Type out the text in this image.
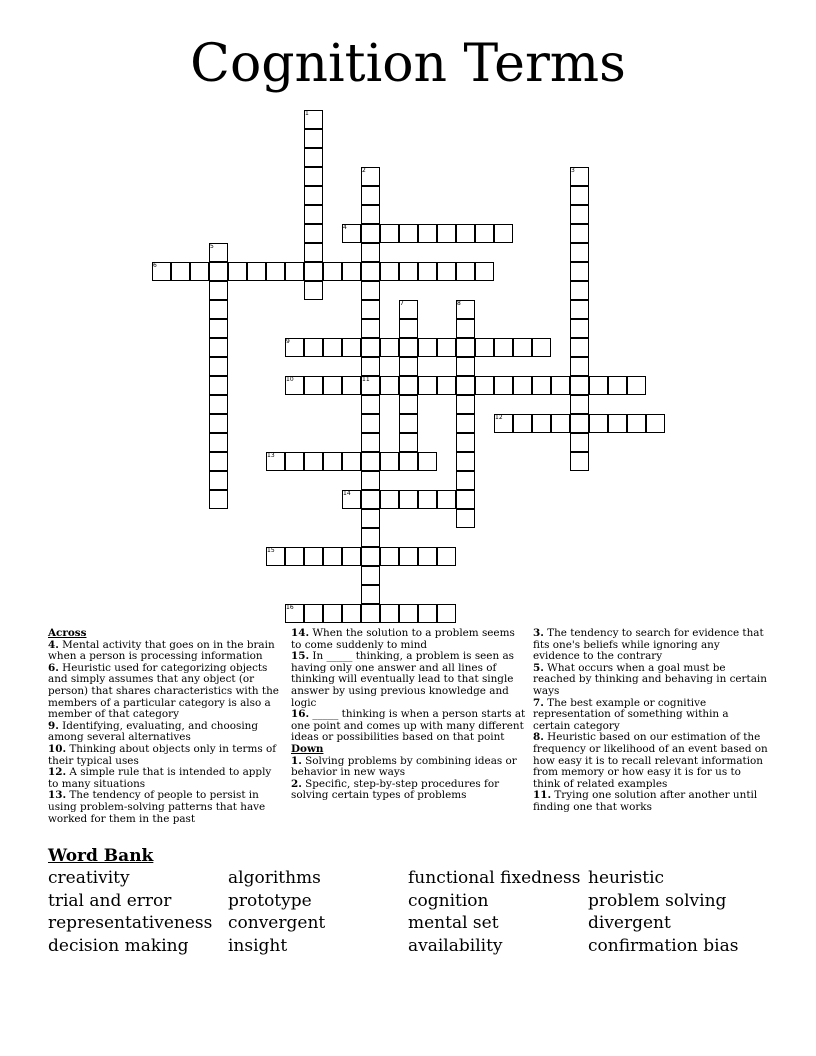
Cognition Terms
4
6
9
10	11
12
13
14
15
16
1
2	3
5
7	8
Across
4. Mental activity that goes on in the brain when a person is processing information
6. Heuristic used for categorizing objects and simply assumes that any object (or person) that shares characteristics with the members of a particular category is also a member of that category
9. Identifying, evaluating, and choosing among several alternatives
10. Thinking about objects only in terms of their typical uses
12. A simple rule that is intended to apply to many situations
13. The tendency of people to persist in using problem-solving patterns that have worked for them in the past
14. When the solution to a problem seems to come suddenly to mind
15. In _____ thinking, a problem is seen as having only one answer and all lines of thinking will eventually lead to that single answer by using previous knowledge and logic
16. _____ thinking is when a person starts at one point and comes up with many different ideas or possibilities based on that point
Down
1. Solving problems by combining ideas or behavior in new ways
2. Specific, step-by-step procedures for solving certain types of problems
3. The tendency to search for evidence that fits one's beliefs while ignoring any evidence to the contrary
5. What occurs when a goal must be reached by thinking and behaving in certain ways
7. The best example or cognitive representation of something within a certain category
8. Heuristic based on our estimation of the frequency or likelihood of an event based on how easy it is to recall relevant information from memory or how easy it is for us to think of related examples
11. Trying one solution after another until finding one that works
Word Bank
creativity	algorithms	functional fixedness heuristic
trial and error	prototype	cognition	problem solving
representativeness convergent	mental set	divergent
decision making	insight	availability	confirmation bias
